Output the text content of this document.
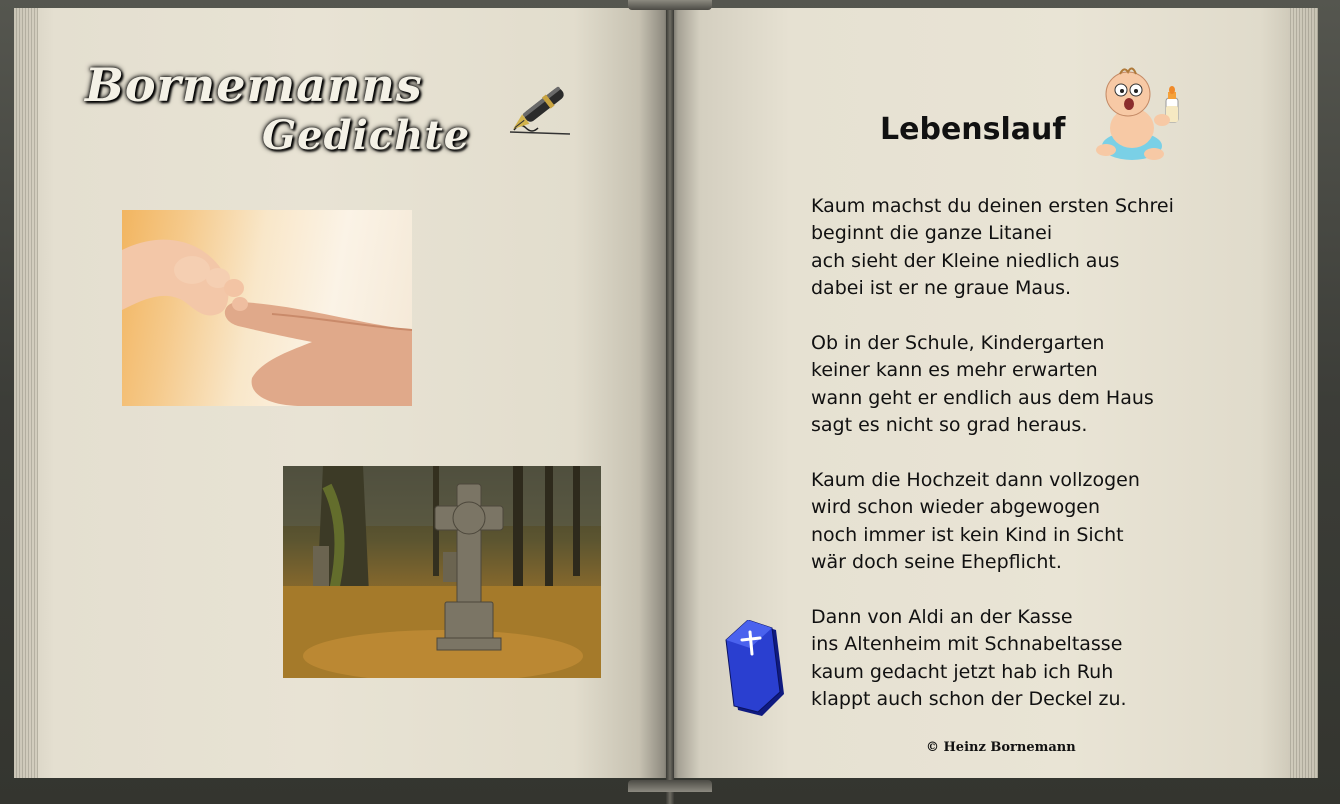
Bornemanns
Gedichte	Lebenslauf
Kaum machst du deinen ersten Schrei
beginnt die ganze Litanei
ach sieht der Kleine niedlich aus
dabei ist er ne graue Maus.
Ob in der Schule, Kindergarten
keiner kann es mehr erwarten
wann geht er endlich aus dem Haus
sagt es nicht so grad heraus.
Kaum die Hochzeit dann vollzogen
wird schon wieder abgewogen
noch immer ist kein Kind in Sicht
wär doch seine Ehepflicht.
Dann von Aldi an der Kasse
ins Altenheim mit Schnabeltasse
kaum gedacht jetzt hab ich Ruh
klappt auch schon der Deckel zu.
© Heinz Bornemann
